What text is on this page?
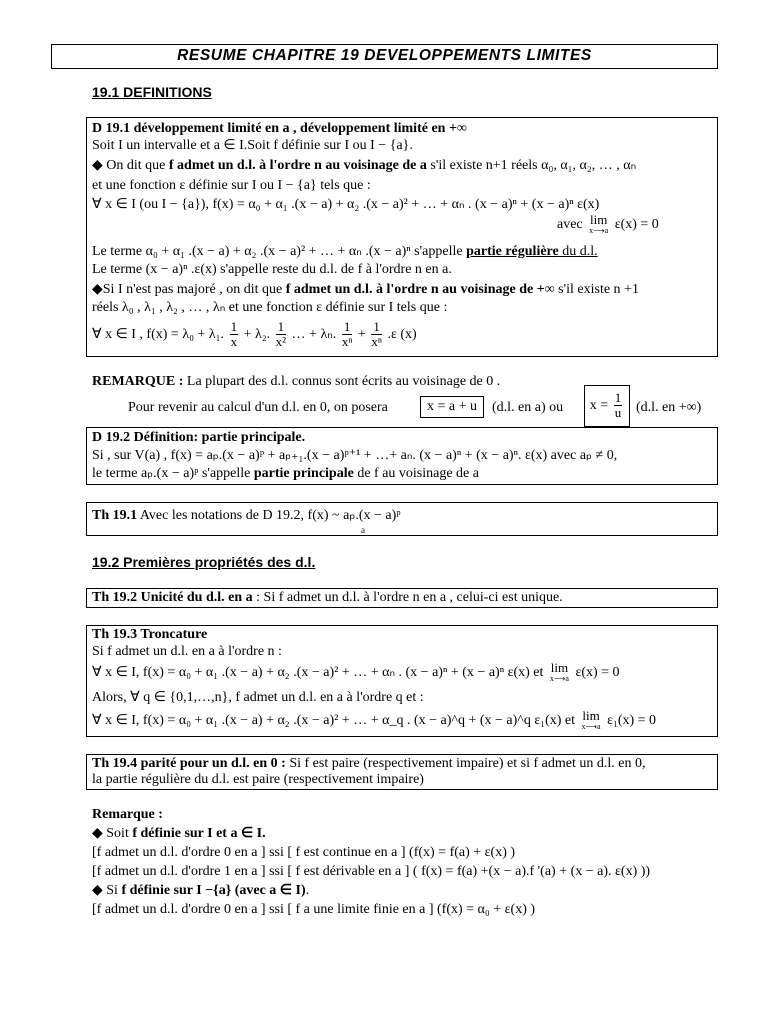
RESUME CHAPITRE 19 DEVELOPPEMENTS LIMITES
19.1 DEFINITIONS
D 19.1 développement limité en a , développement limité en +∞
Soit I un intervalle et a ∈ I.Soit f définie sur I ou I − {a}.
◆ On dit que f admet un d.l. à l'ordre n au voisinage de a s'il existe n+1 réels α₀, α₁, α₂, … , αₙ
et une fonction ε définie sur I ou I − {a} tels que :
∀ x ∈ I (ou I − {a}), f(x) = α₀ + α₁ .(x − a) + α₂ .(x − a)² + … + αₙ . (x − a)ⁿ + (x − a)ⁿ ε(x)
avec lim
x⟶a ε(x) = 0
Le terme α₀ + α₁ .(x − a) + α₂ .(x − a)² + … + αₙ .(x − a)ⁿ s'appelle partie régulière du d.l.
Le terme (x − a)ⁿ .ε(x) s'appelle reste du d.l. de f à l'ordre n en a.
◆Si I n'est pas majoré , on dit que f admet un d.l. à l'ordre n au voisinage de +∞ s'il existe n +1
réels λ₀ , λ₁ , λ₂ , … , λₙ et une fonction ε définie sur I tels que :
∀ x ∈ I , f(x) = λ₀ + λ₁. $\frac{1}{x} + \lambda_2$. $\frac{1}{\text{x²}}$ … + λₙ. $\frac{1}{\text{xⁿ}} + \frac{1}{\text{xⁿ}} .\varepsilon$ (x)
REMARQUE : La plupart des d.l. connus sont écrits au voisinage de 0 .
Pour revenir au calcul d'un d.l. en 0, on posera	x = a + u	(d.l. en a) ou	$x = \frac{1}{u} (d.l$. en +∞)
D 19.2 Définition: partie principale.
Si , sur V(a) , f(x) = aₚ.(x − a)ᵖ + aₚ₊₁.(x − a)ᵖ⁺¹ + …+ aₙ. (x − a)ⁿ + (x − a)ⁿ. ε(x) avec aₚ ≠ 0,
le terme aₚ.(x − a)ᵖ s'appelle partie principale de f au voisinage de a
Th 19.1 Avec les notations de D 19.2, f(x) ~ aₚ.(x − a)ᵖ
a
19.2 Premières propriétés des d.l.
Th 19.2 Unicité du d.l. en a : Si f admet un d.l. à l'ordre n en a , celui-ci est unique.
Th 19.3 Troncature
Si f admet un d.l. en a à l'ordre n :
∀ x ∈ I, f(x) = α₀ + α₁ .(x − a) + α₂ .(x − a)² + … + αₙ . (x − a)ⁿ + (x − a)ⁿ ε(x) et lim
x⟶a ε(x) = 0
Alors, ∀ q ∈ {0,1,…,n}, f admet un d.l. en a à l'ordre q et :
∀ x ∈ I, f(x) = α₀ + α₁ .(x − a) + α₂ .(x − a)² + … + α_q . (x − a)^q + (x − a)^q ε₁(x) et lim
x⟶a ε₁(x) = 0
Th 19.4 parité pour un d.l. en 0 : Si f est paire (respectivement impaire) et si f admet un d.l. en 0,
la partie régulière du d.l. est paire (respectivement impaire)
Remarque :
◆ Soit f définie sur I et a ∈ I.
[f admet un d.l. d'ordre 0 en a ] ssi [ f est continue en a ] (f(x) = f(a) + ε(x) )
[f admet un d.l. d'ordre 1 en a ] ssi [ f est dérivable en a ] ( f(x) = f(a) +(x − a).f '(a) + (x − a). ε(x) ))
◆ Si f définie sur I −{a} (avec a ∈ I).
[f admet un d.l. d'ordre 0 en a ] ssi [ f a une limite finie en a ] (f(x) = α₀ + ε(x) )
